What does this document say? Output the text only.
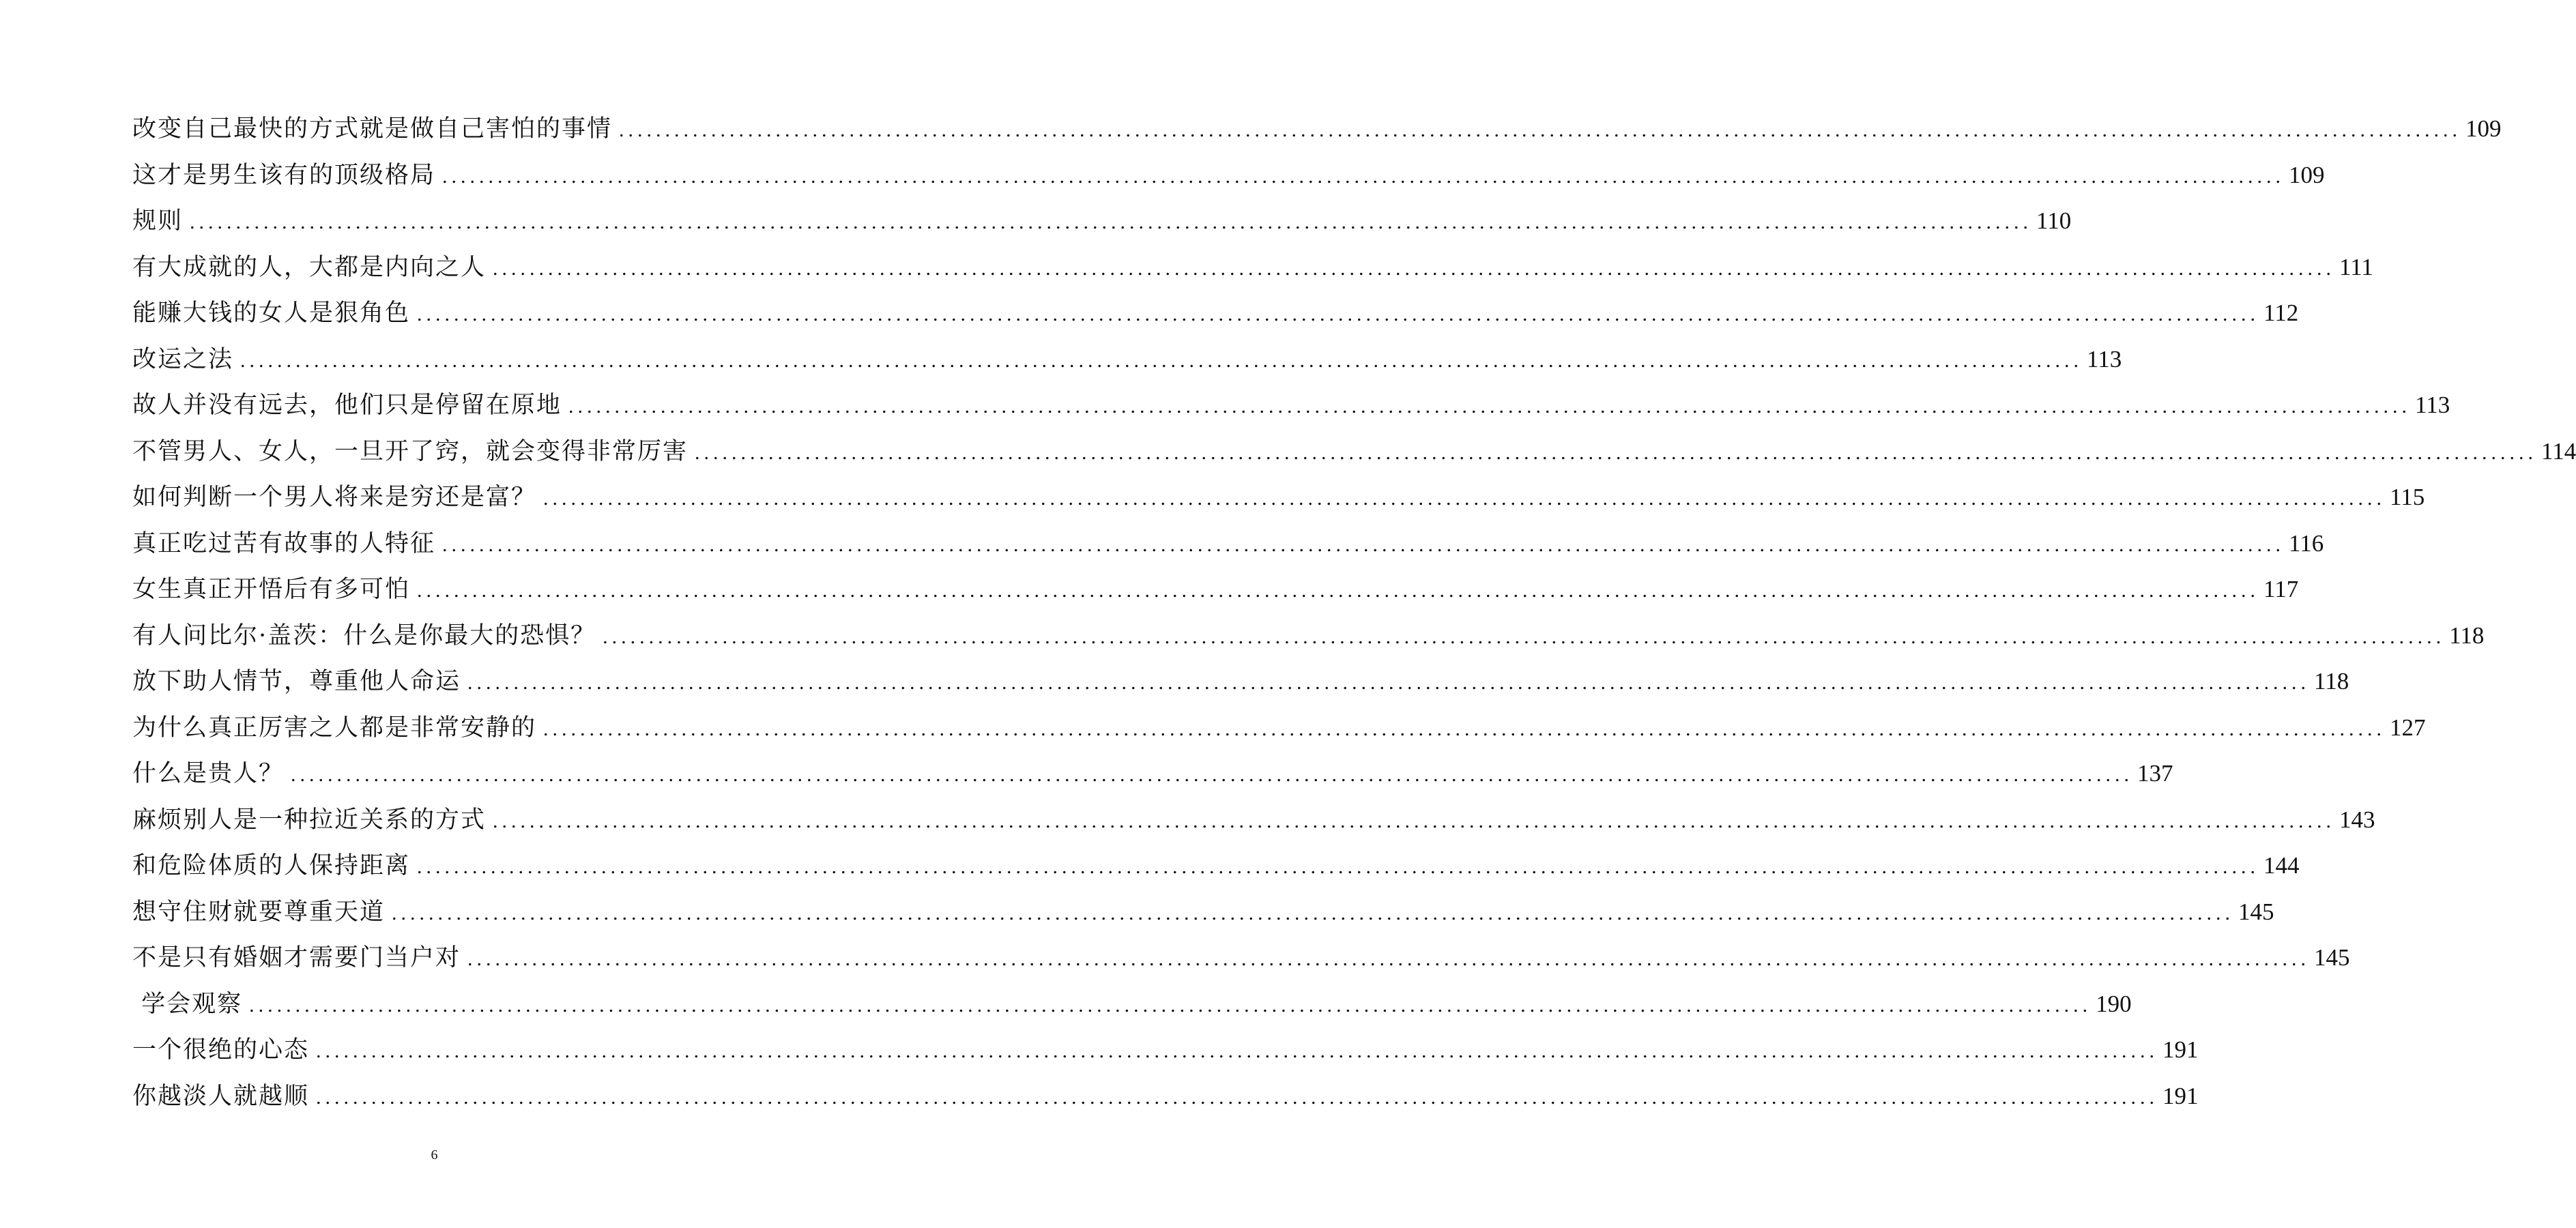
改变自己最快的方式就是做自己害怕的事情 ........................................................................................................................................................................................................ 109
这才是男生该有的顶级格局 ........................................................................................................................................................................................................ 109
规则 ........................................................................................................................................................................................................ 110
有大成就的人，大都是内向之人 ........................................................................................................................................................................................................ 111
能赚大钱的女人是狠角色 ........................................................................................................................................................................................................ 112
改运之法 ........................................................................................................................................................................................................ 113
故人并没有远去，他们只是停留在原地 ........................................................................................................................................................................................................ 113
不管男人、女人，一旦开了窍，就会变得非常厉害 ........................................................................................................................................................................................................ 114
如何判断一个男人将来是穷还是富？ ........................................................................................................................................................................................................ 115
真正吃过苦有故事的人特征 ........................................................................................................................................................................................................ 116
女生真正开悟后有多可怕 ........................................................................................................................................................................................................ 117
有人问比尔·盖茨：什么是你最大的恐惧？ ........................................................................................................................................................................................................ 118
放下助人情节，尊重他人命运 ........................................................................................................................................................................................................ 118
为什么真正厉害之人都是非常安静的 ........................................................................................................................................................................................................ 127
什么是贵人？ ........................................................................................................................................................................................................ 137
麻烦别人是一种拉近关系的方式 ........................................................................................................................................................................................................ 143
和危险体质的人保持距离 ........................................................................................................................................................................................................ 144
想守住财就要尊重天道 ........................................................................................................................................................................................................ 145
不是只有婚姻才需要门当户对 ........................................................................................................................................................................................................ 145
学会观察 ........................................................................................................................................................................................................ 190
一个很绝的心态 ........................................................................................................................................................................................................ 191
你越淡人就越顺 ........................................................................................................................................................................................................ 191
6
